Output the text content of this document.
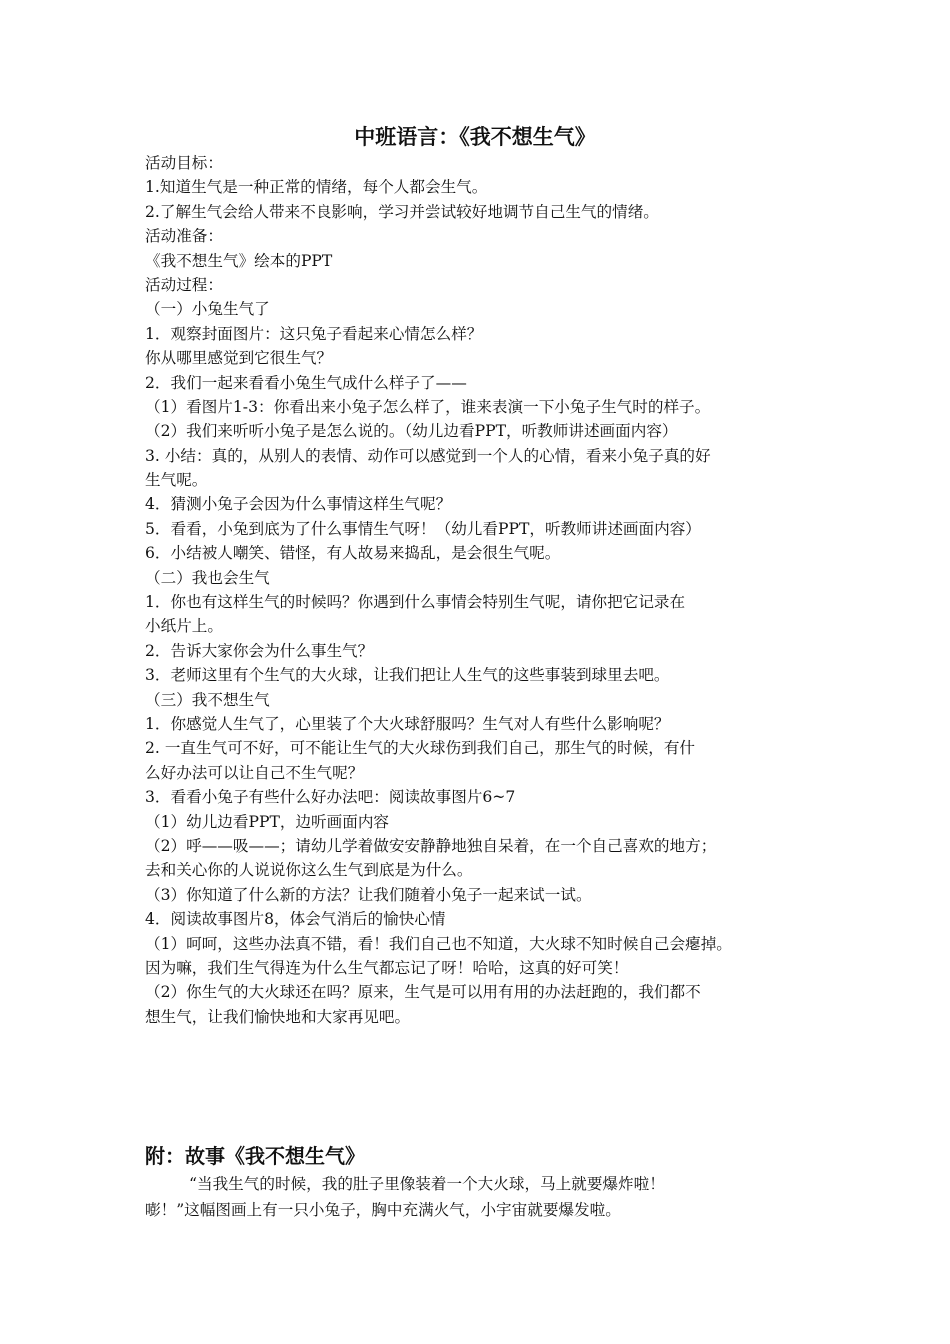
中班语言：《我不想生气》
活动目标：
1.知道生气是一种正常的情绪，每个人都会生气。
2.了解生气会给人带来不良影响，学习并尝试较好地调节自己生气的情绪。
活动准备：
《我不想生气》绘本的PPT
活动过程：
（一）小兔生气了
1．观察封面图片：这只兔子看起来心情怎么样？
你从哪里感觉到它很生气？
2．我们一起来看看小兔生气成什么样子了——
（1）看图片1-3：你看出来小兔子怎么样了，谁来表演一下小兔子生气时的样子。
（2）我们来听听小兔子是怎么说的。（幼儿边看PPT，听教师讲述画面内容）
3. 小结：真的，从别人的表情、动作可以感觉到一个人的心情，看来小兔子真的好
生气呢。
4．猜测小兔子会因为什么事情这样生气呢？
5．看看，小兔到底为了什么事情生气呀！（幼儿看PPT，听教师讲述画面内容）
6．小结被人嘲笑、错怪，有人故易来捣乱，是会很生气呢。
（二）我也会生气
1．你也有这样生气的时候吗？你遇到什么事情会特别生气呢，请你把它记录在
小纸片上。
2．告诉大家你会为什么事生气？
3．老师这里有个生气的大火球，让我们把让人生气的这些事装到球里去吧。
（三）我不想生气
1．你感觉人生气了，心里装了个大火球舒服吗？生气对人有些什么影响呢？
2. 一直生气可不好，可不能让生气的大火球伤到我们自己，那生气的时候，有什
么好办法可以让自己不生气呢？
3．看看小兔子有些什么好办法吧：阅读故事图片6~7
（1）幼儿边看PPT，边听画面内容
（2）呼——吸——；请幼儿学着做安安静静地独自呆着，在一个自己喜欢的地方；
去和关心你的人说说你这么生气到底是为什么。
（3）你知道了什么新的方法？让我们随着小兔子一起来试一试。
4．阅读故事图片8，体会气消后的愉快心情
（1）呵呵，这些办法真不错，看！我们自己也不知道，大火球不知时候自己会瘪掉。
因为嘛，我们生气得连为什么生气都忘记了呀！哈哈，这真的好可笑！
（2）你生气的大火球还在吗？原来，生气是可以用有用的办法赶跑的，我们都不
想生气，让我们愉快地和大家再见吧。
附：故事《我不想生气》
“当我生气的时候，我的肚子里像装着一个大火球，马上就要爆炸啦！
嘭！”这幅图画上有一只小兔子，胸中充满火气，小宇宙就要爆发啦。
